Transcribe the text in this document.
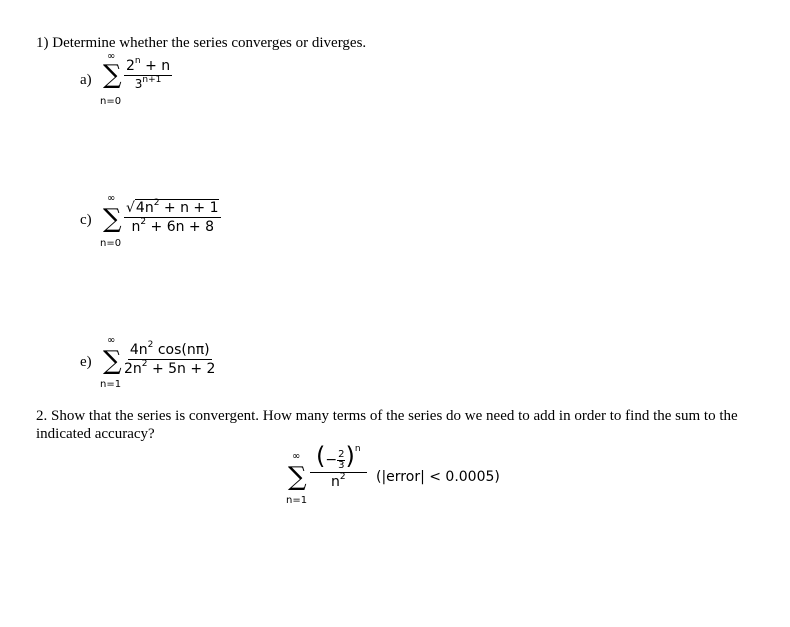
1) Determine whether the series converges or diverges.
a)
∞
∑
n=0
$\frac{2^n + n}{3^{n+1}}$
c)
∞
∑
n=0
$\frac{√4n^2 + n + 1}{n^2 + 6n + 8}$
e)
∞
∑
n=1
$\frac{4n^2 \cos(n\pi)}{2n^2 + 5n + 2}$
2. Show that the series is convergent. How many terms of the series do we need to add in order to find the sum to the indicated accuracy?
∞
∑
n=1
$\frac{(- \frac{2}{3} )^n}{n^2}$ (|error| < 0.0005)
